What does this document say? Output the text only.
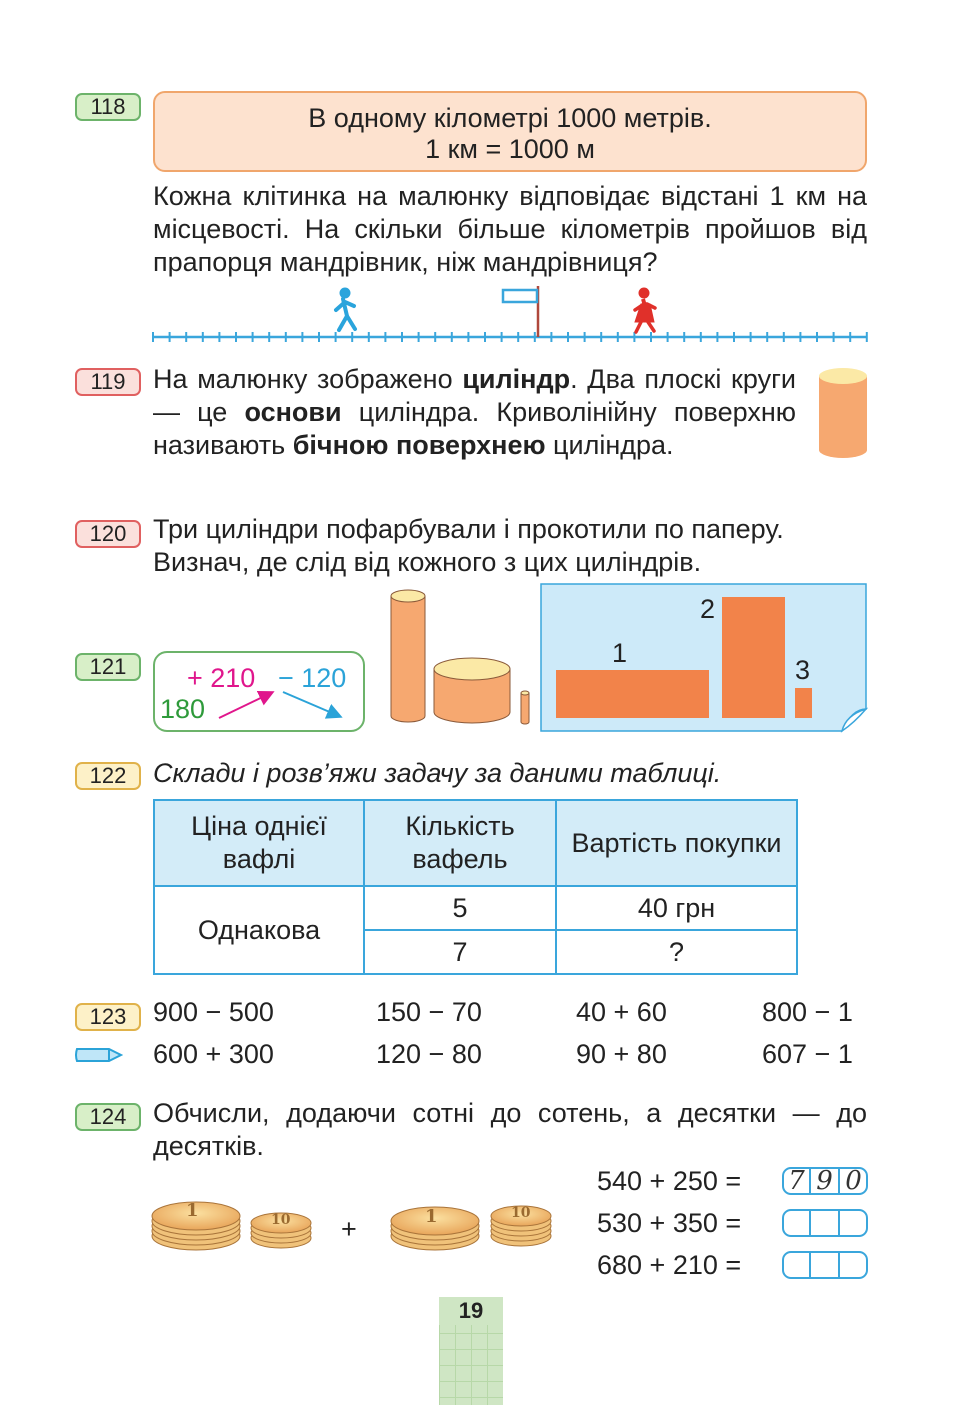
118	В одному кілометрі 1000 метрів.
1 км = 1000 м
Кожна клітинка на малюнку відповідає відстані 1 км на місцевості. На скільки більше кілометрів пройшов від прапорця мандрівник, ніж мандрівниця?
119	На малюнку зображено циліндр. Два плоскі круги — це основи циліндра. Криволінійну поверхню називають бічною поверхнею циліндра.
120 Три циліндри пофарбували і прокотили по паперу. Визнач, де слід від кожного з цих циліндрів.
1
2
3
121
180
+ 210 − 120
122 Склади і розв’яжи задачу за даними таблиці.
Ціна однієї вафлі	Кількість вафель	Вартість покупки
Однакова	5	40 грн
	7	?
123 900 − 500	150 − 70	40 + 60	800 − 1
600 + 300	120 − 80	90 + 80	607 − 1
124 Обчисли, додаючи сотні до сотень, а десятки — до десятків.
1	10	1	10
+
540 + 250 =
530 + 350 =
680 + 210 =
7 9 0
19
